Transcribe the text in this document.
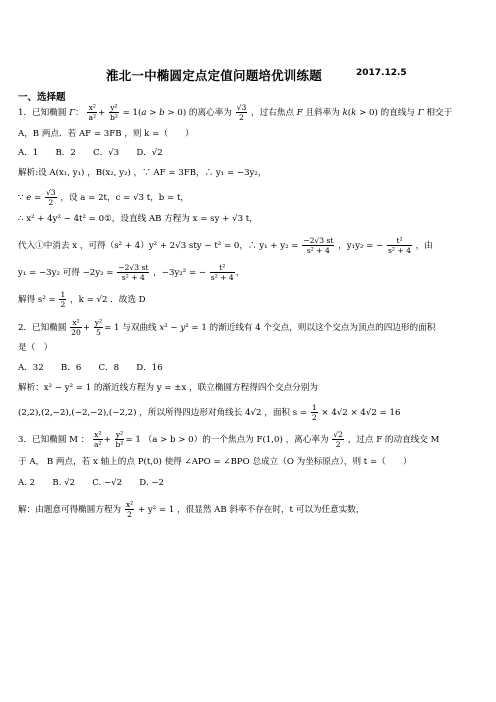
淮北一中椭圆定点定值问题培优训练题	2017.12.5
一、选择题
1．已知椭圆 Γ： $\frac{\text{x²}}{\text{a²}} + \frac{\text{y²}}{\text{b²}} = 1(a > b > 0)$ 的离心率为 $\frac{√3}{2}$ ，过右焦点 F 且斜率为 k(k > 0) 的直线与 Γ 相交于
A，B 两点．若 AF = 3FB ，则 k =（　　）
A．1　　B．2　　C．√3　　D．√2
解析:设 A(x₁, y₁) ，B(x₂, y₂) ，∵ AF = 3FB，∴ y₁ = −3y₂，
∵ $e = \frac{√3}{2}$ ，设 a = 2t，c = √3 t，b = t，
∴ x² + 4y² − 4t² = 0①，设直线 AB 方程为 x = sy + √3 t，
代入①中消去 x ，可得（s² + 4）y² + 2√3 sty − t² = 0，∴ $y_1 + y_2 = \frac{-2√3 st}{\text{s² + 4}}$ ，y₁y₂ = − $\frac{\text{t²}}{\text{s² + 4}}$ ，由
y₁ = −3y₂ 可得 $-2y_2 = \frac{-2√3 st}{\text{s² + 4}}$ ，−3y₂² = − $\frac{\text{t²}}{\text{s² + 4}}$ ，
解得 $s^2 = \frac{1}{2}$ ，k = √2 ．故选 D
2．已知椭圆 $\frac{\text{x²}}{20} + \frac{\text{y²}}{5} = 1$ 与双曲线 x² − y² = 1 的渐近线有 4 个交点，则以这个交点为顶点的四边形的面积
是（　）
A．32　　B．6　　C．8　　D．16
解析：x² − y² = 1 的渐近线方程为 y = ±x ，联立椭圆方程得四个交点分别为
(2,2),(2,−2),(−2,−2),(−2,2) ，所以所得四边形对角线长 4√2 ，面积 $s = \frac{1}{2} \times 4√2 \times 4√2 = 16$
3．已知椭圆 M ： $\frac{\text{x²}}{\text{a²}} + \frac{\text{y²}}{\text{b²}} = 1$ （a > b > 0）的一个焦点为 F(1,0) ，离心率为 $\frac{√2}{2}$ ，过点 F 的动直线交 M
于 A， B 两点，若 x 轴上的点 P(t,0) 使得 ∠APO = ∠BPO 总成立（O 为坐标原点），则 t =（　　）
A. 2　　B. √2　　C. −√2　　D. −2
解：由题意可得椭圆方程为 $\frac{\text{x²}}{2} + y^2 = 1$ ，很显然 AB 斜率不存在时，t 可以为任意实数，
